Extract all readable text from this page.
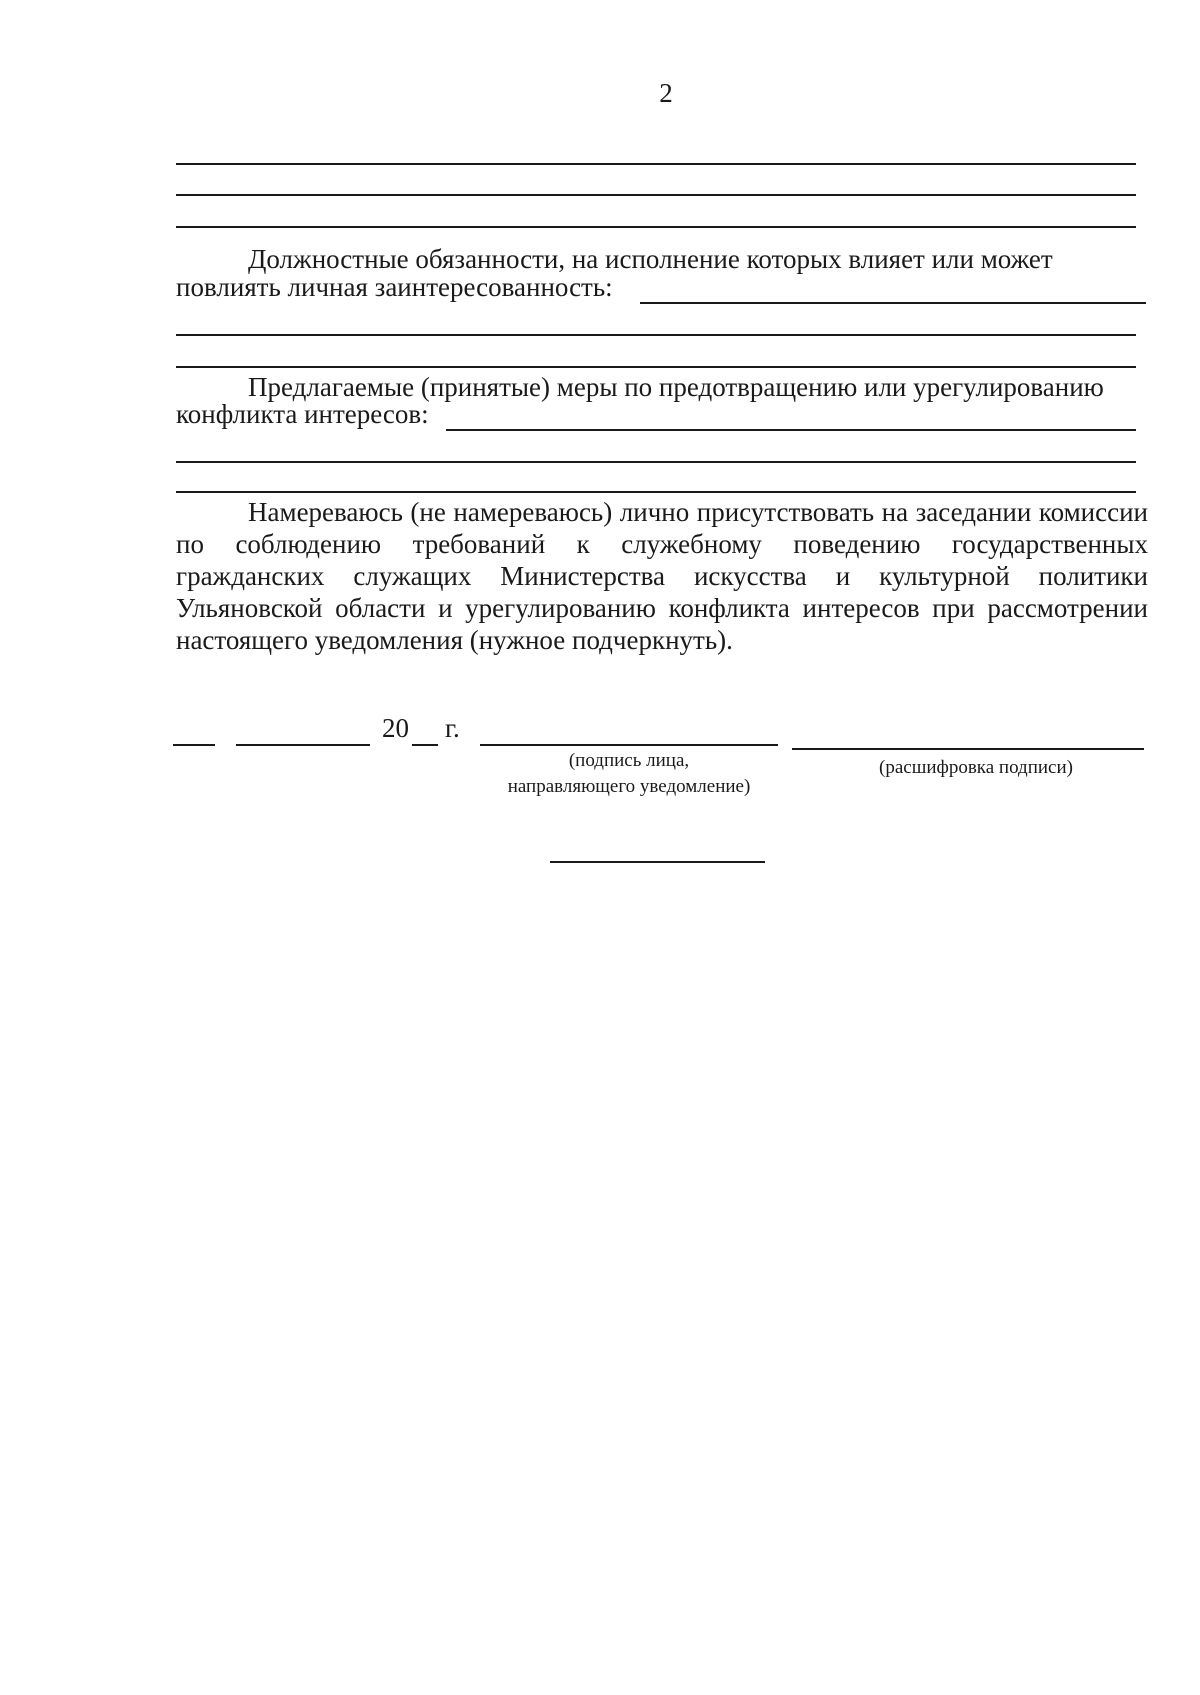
2
Должностные обязанности, на исполнение которых влияет или может
повлиять личная заинтересованность:
Предлагаемые (принятые) меры по предотвращению или урегулированию
конфликта интересов:
Намереваюсь (не намереваюсь) лично присутствовать на заседании комиссии по соблюдению требований к служебному поведению государственных гражданских служащих Министерства искусства и культурной политики Ульяновской области и урегулированию конфликта интересов при рассмотрении настоящего уведомления (нужное подчеркнуть).
20 г.
(подпись лица,
направляющего уведомление)
(расшифровка подписи)
